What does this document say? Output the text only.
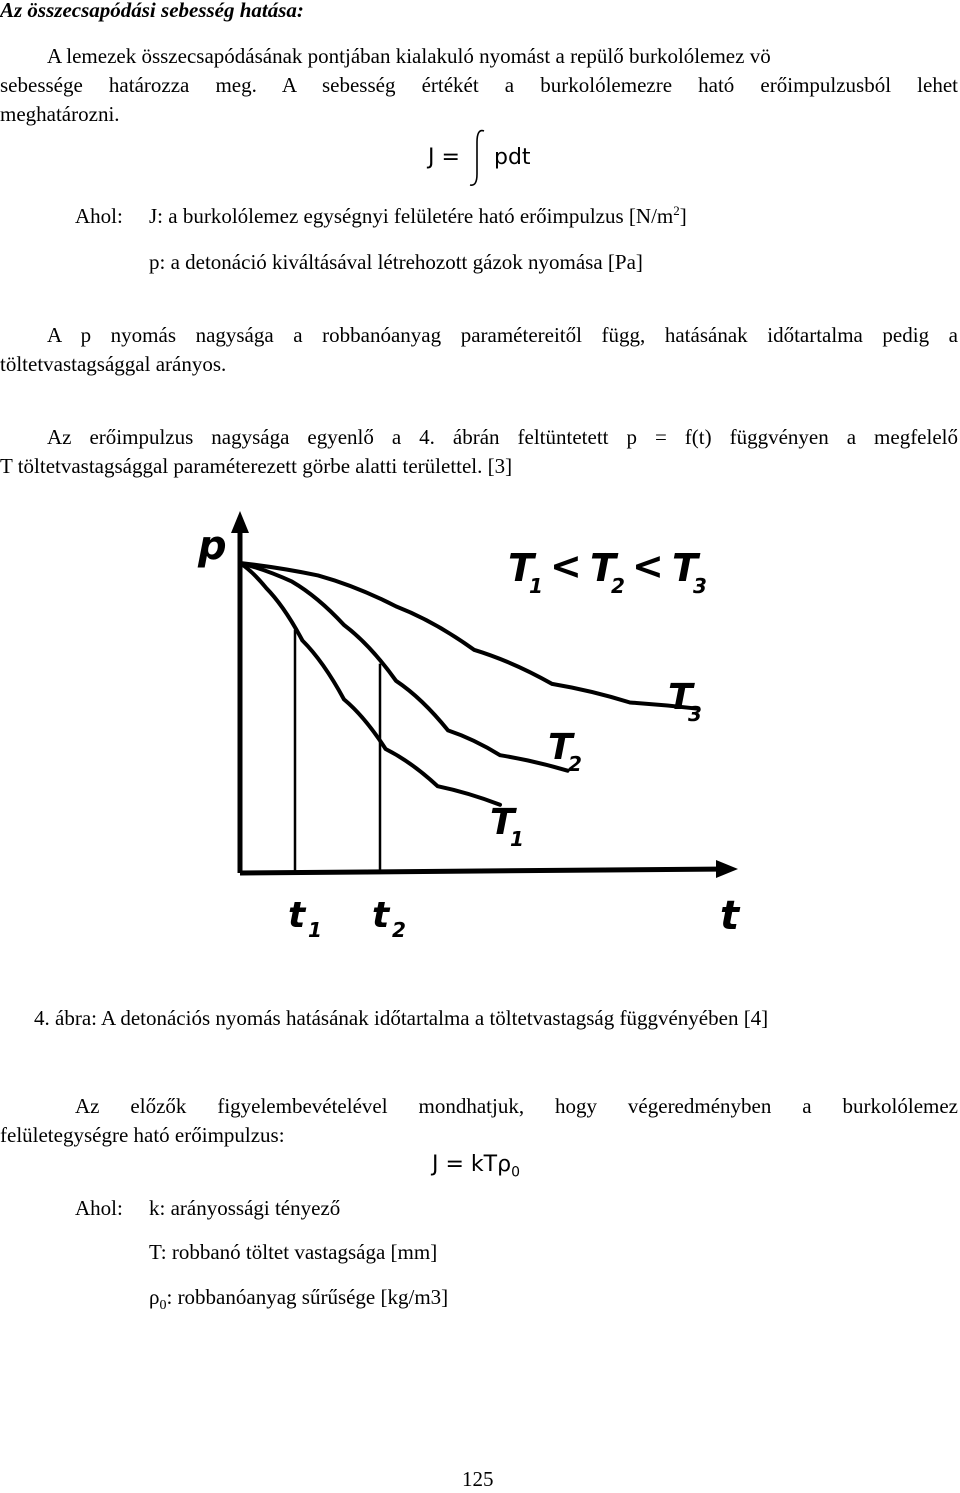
Az összecsapódási sebesség hatása:
A lemezek összecsapódásának pontjában kialakuló nyomást a repülő burkolólemez vö
sebessége határozza meg. A sebesség értékét a burkolólemezre ható erőimpulzusból lehet
meghatározni.
J = pdt
Ahol: J: a burkolólemez egységnyi felületére ható erőimpulzus $[N/m^2]$
p: a detonáció kiváltásával létrehozott gázok nyomása [Pa]
A p nyomás nagysága a robbanóanyag paramétereitől függ, hatásának időtartalma pedig a
töltetvastagsággal arányos.
Az erőimpulzus nagysága egyenlő a 4. ábrán feltüntetett p = f(t) függvényen a megfelelő
T töltetvastagsággal paraméterezett görbe alatti területtel. [3]
p
t
t 1 t 2
T
1
T
2
T
3
T
1 < T
2 < T
3
4. ábra: A detonációs nyomás hatásának időtartalma a töltetvastagság függvényében [4]
Az előzők figyelembevételével mondhatjuk, hogy végeredményben a burkolólemez
felületegységre ható erőimpulzus:
J = kTρ$_0$
Ahol: k: arányossági tényező
T: robbanó töltet vastagsága [mm]
$\rho_0$: robbanóanyag sűrűsége [kg/m3]
125
